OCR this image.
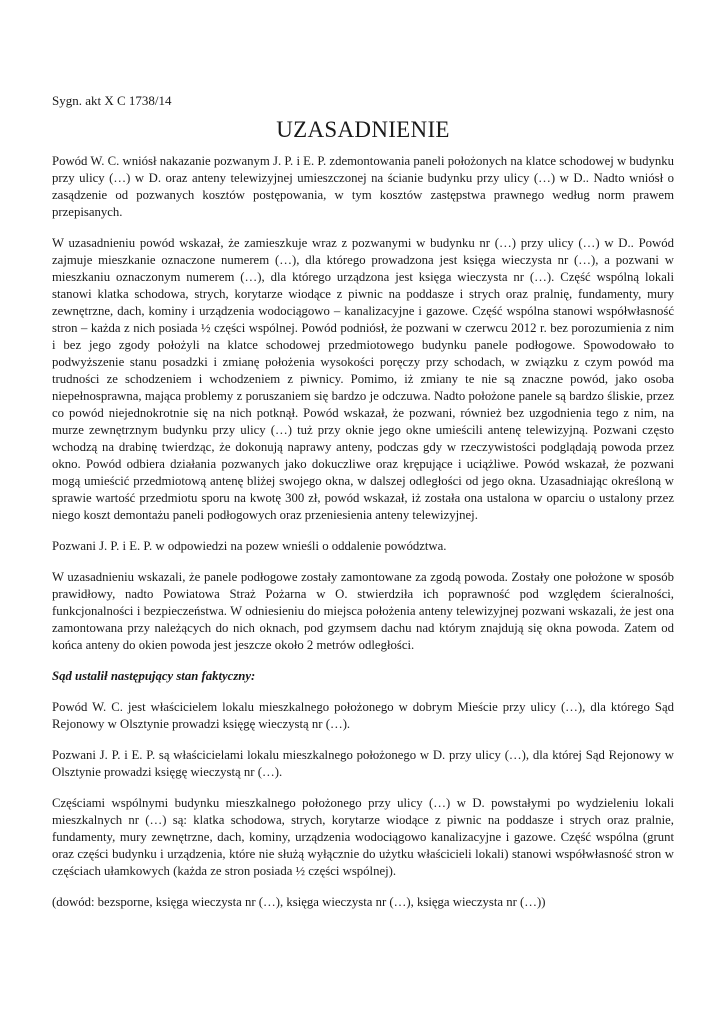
Sygn. akt X C 1738/14

UZASADNIENIE

Powód W. C. wniósł nakazanie pozwanym J. P. i E. P. zdemontowania paneli położonych na klatce schodowej w budynku przy ulicy (…) w D. oraz anteny telewizyjnej umieszczonej na ścianie budynku przy ulicy (…) w D.. Nadto wniósł o zasądzenie od pozwanych kosztów postępowania, w tym kosztów zastępstwa prawnego według norm prawem przepisanych.

W uzasadnieniu powód wskazał, że zamieszkuje wraz z pozwanymi w budynku nr (…) przy ulicy (…) w D.. Powód zajmuje mieszkanie oznaczone numerem (…), dla którego prowadzona jest księga wieczysta nr (…), a pozwani w mieszkaniu oznaczonym numerem (…), dla którego urządzona jest księga wieczysta nr (…). Część wspólną lokali stanowi klatka schodowa, strych, korytarze wiodące z piwnic na poddasze i strych oraz pralnię, fundamenty, mury zewnętrzne, dach, kominy i urządzenia wodociągowo – kanalizacyjne i gazowe. Część wspólna stanowi współwłasność stron – każda z nich posiada ½ części wspólnej. Powód podniósł, że pozwani w czerwcu 2012 r. bez porozumienia z nim i bez jego zgody położyli na klatce schodowej przedmiotowego budynku panele podłogowe. Spowodowało to podwyższenie stanu posadzki i zmianę położenia wysokości poręczy przy schodach, w związku z czym powód ma trudności ze schodzeniem i wchodzeniem z piwnicy. Pomimo, iż zmiany te nie są znaczne powód, jako osoba niepełnosprawna, mająca problemy z poruszaniem się bardzo je odczuwa. Nadto położone panele są bardzo śliskie, przez co powód niejednokrotnie się na nich potknął. Powód wskazał, że pozwani, również bez uzgodnienia tego z nim, na murze zewnętrznym budynku przy ulicy (…) tuż przy oknie jego okne umieścili antenę telewizyjną. Pozwani często wchodzą na drabinę twierdząc, że dokonują naprawy anteny, podczas gdy w rzeczywistości podglądają powoda przez okno. Powód odbiera działania pozwanych jako dokuczliwe oraz krępujące i uciążliwe. Powód wskazał, że pozwani mogą umieścić przedmiotową antenę bliżej swojego okna, w dalszej odległości od jego okna. Uzasadniając określoną w sprawie wartość przedmiotu sporu na kwotę 300 zł, powód wskazał, iż została ona ustalona w oparciu o ustalony przez niego koszt demontażu paneli podłogowych oraz przeniesienia anteny telewizyjnej.

Pozwani J. P. i E. P. w odpowiedzi na pozew wnieśli o oddalenie powództwa.

W uzasadnieniu wskazali, że panele podłogowe zostały zamontowane za zgodą powoda. Zostały one położone w sposób prawidłowy, nadto Powiatowa Straż Pożarna w O. stwierdziła ich poprawność pod względem ścieralności, funkcjonalności i bezpieczeństwa. W odniesieniu do miejsca położenia anteny telewizyjnej pozwani wskazali, że jest ona zamontowana przy należących do nich oknach, pod gzymsem dachu nad którym znajdują się okna powoda. Zatem od końca anteny do okien powoda jest jeszcze około 2 metrów odległości.

Sąd ustalił następujący stan faktyczny:

Powód W. C. jest właścicielem lokalu mieszkalnego położonego w dobrym Mieście przy ulicy (…), dla którego Sąd Rejonowy w Olsztynie prowadzi księgę wieczystą nr (…).

Pozwani J. P. i E. P. są właścicielami lokalu mieszkalnego położonego w D. przy ulicy (…), dla której Sąd Rejonowy w Olsztynie prowadzi księgę wieczystą nr (…).

Częściami wspólnymi budynku mieszkalnego położonego przy ulicy (…) w D. powstałymi po wydzieleniu lokali mieszkalnych nr (…) są: klatka schodowa, strych, korytarze wiodące z piwnic na poddasze i strych oraz pralnie, fundamenty, mury zewnętrzne, dach, kominy, urządzenia wodociągowo kanalizacyjne i gazowe. Część wspólna (grunt oraz części budynku i urządzenia, które nie służą wyłącznie do użytku właścicieli lokali) stanowi współwłasność stron w częściach ułamkowych (każda ze stron posiada ½ części wspólnej).

(dowód: bezsporne, księga wieczysta nr (…), księga wieczysta nr (…), księga wieczysta nr (…))
